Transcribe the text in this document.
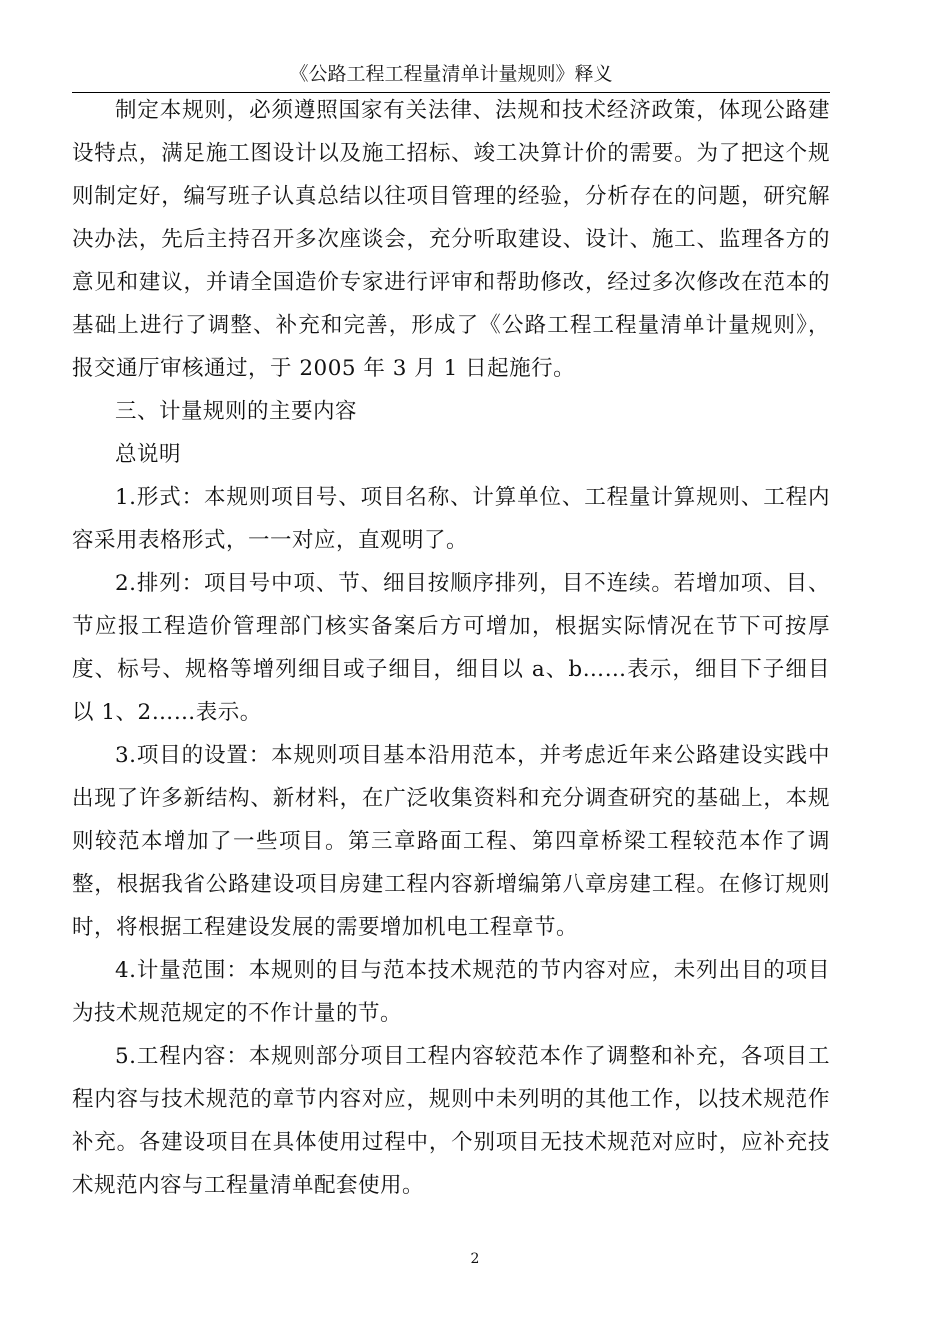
《公路工程工程量清单计量规则》释义

制定本规则，必须遵照国家有关法律、法规和技术经济政策，体现公路建设特点，满足施工图设计以及施工招标、竣工决算计价的需要。为了把这个规则制定好，编写班子认真总结以往项目管理的经验，分析存在的问题，研究解决办法，先后主持召开多次座谈会，充分听取建设、设计、施工、监理各方的意见和建议，并请全国造价专家进行评审和帮助修改，经过多次修改在范本的基础上进行了调整、补充和完善，形成了《公路工程工程量清单计量规则》，报交通厅审核通过，于 2005 年 3 月 1 日起施行。

三、计量规则的主要内容

总说明

1.形式：本规则项目号、项目名称、计算单位、工程量计算规则、工程内容采用表格形式，一一对应，直观明了。

2.排列：项目号中项、节、细目按顺序排列，目不连续。若增加项、目、节应报工程造价管理部门核实备案后方可增加，根据实际情况在节下可按厚度、标号、规格等增列细目或子细目，细目以 a、b……表示，细目下子细目以 1、2……表示。

3.项目的设置：本规则项目基本沿用范本，并考虑近年来公路建设实践中出现了许多新结构、新材料，在广泛收集资料和充分调查研究的基础上，本规则较范本增加了一些项目。第三章路面工程、第四章桥梁工程较范本作了调整，根据我省公路建设项目房建工程内容新增编第八章房建工程。在修订规则时，将根据工程建设发展的需要增加机电工程章节。

4.计量范围：本规则的目与范本技术规范的节内容对应，未列出目的项目为技术规范规定的不作计量的节。

5.工程内容：本规则部分项目工程内容较范本作了调整和补充，各项目工程内容与技术规范的章节内容对应，规则中未列明的其他工作，以技术规范作补充。各建设项目在具体使用过程中，个别项目无技术规范对应时，应补充技术规范内容与工程量清单配套使用。

2
